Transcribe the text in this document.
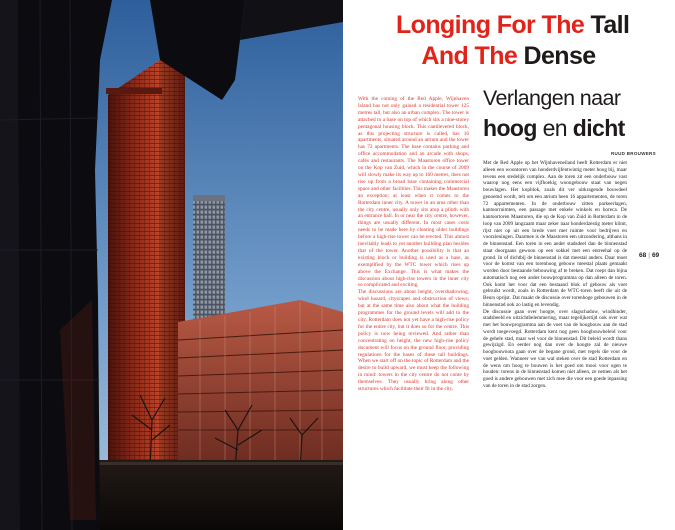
Longing For The Tall
And The Dense

With the coming of the Red Apple, Wijnhaven Island has not only gained a residential tower 125 metres tall, but also an urban complex. The tower is attached to a base on top of which sits a nine-storey pentagonal housing block. This cantilevered block, as this projecting structure is called, has 16 apartments, situated around an atrium and the tower has 72 apartments. The base contains parking and office accommodation and an arcade with shops, cafés and restaurants. The Maastoren office tower on the Kop van Zuid, which in the course of 2009 will slowly make its way up to 160 metres, does not rise up from a broad base containing commercial space and other facilities. This makes the Maastoren an exception: at least when it comes to the Rotterdam inner city. A tower in an area other than the city centre, usually only sits atop a plinth with an entrance hall. In or near the city centre, however, things are usually different. In most cases costs needs to be made here by clearing older buildings before a high-rise tower can be erected. This almost inevitably leads to yet another building plan besides that of the tower. Another possibility is that an existing block or building is used as a base, as exemplified by the WTC tower which rises up above the Exchange. This is what makes the discussion about high-rise towers in the inner city so complicated and exciting.

The discussions are about height, overshadowing, wind hazard, cityscapes and obstruction of views; but at the same time also about what the building programmes for the ground levels will add to the city. Rotterdam does not yet have a high-rise policy for the entire city, but it does so for the centre. This policy is now being reviewed. And rather than concentrating on height, the new high-rise policy document will focus on the ground floor, providing regulations for the bases of these tall buildings. When we start off on the topic of Rotterdam and the desire to build upward, we must keep the following in mind: towers in the city centre do not come by themselves. They usually bring along other structures which facilitate their fit in the city.

Verlangen naar
hoog en dicht
RUUD BROUWERS

Met de Red Apple op het Wijnhaveneiland heeft Rotterdam er niet alleen een woontoren van honderdvijfentwintig meter hoog bij, maar tevens een stedelijk complex. Aan de toren zit een onderbouw vast waarop nog eens een vijfhoekig woongebouw staat van negen bouwlagen. Het kopblok, zoals dit ver uitkragende bouwdeel genoemd wordt, telt om een atrium heen 16 appartementen, de toren 72 appartementen. In de onderbouw zitten parkeerlagen, kantoorruimten, een passage met enkele winkels en horeca. De kantoortoren Maastoren, die op de Kop van Zuid in Rotterdam in de loop van 2009 langzaam maar zeker naar honderdzestig meter klimt, rijst niet op uit een brede voet met ruimte voor bedrijven en voorzieningen. Daarmee is de Maastoren een uitzondering, althans in de binnenstad. Een toren in een ander stadsdeel dan de binnenstad staat doorgaans gewoon op een sokkel met een entreehal op de grond. In of dichtbij de binnenstad is dat meestal anders. Daar moet voor de komst van een torenhoog gebouw meestal plaats gemaakt worden door bestaande bebouwing af te breken. Dat roept dan bijna automatisch nog een ander bouwprogramma op dan alleen de toren. Ook komt het voor dat een bestaand blok of gebouw als voet gebruikt wordt, zoals in Rotterdam de WTC-toren heeft die uit de Beurs oprijst. Dat maakt de discussie over torenhoge gebouwen in de binnenstad ook zo lastig en levendig.

De discussie gaan over hoogte, over slagschaduw, windhinder, stadsbeeld en uitzichtbelemmering, maar tegelijkertijd ook over wat met het bouwprogramma aan de voet van de hoogbouw aan de stad wordt toegevoegd. Rotterdam kent nog geen hoogbouwbeleid voor de gehele stad, maar wel voor de binnenstad. Dit beleid wordt thans gewijzigd. En eerder nog dan over de hoogte zal de nieuwe hoogbouwnota gaan over de begane grond, met regels die voor de voet gelden. Wanneer we van wal steken over de stad Rotterdam en de wens om hoog te bouwen is het goed om mooi voor ogen te houden: torens in de binnenstad komen niet alleen, ze nemen als het goed is andere gebouwen met zich mee die voor een goede inpassing van de toren in de stad zorgen.

68 | 69
